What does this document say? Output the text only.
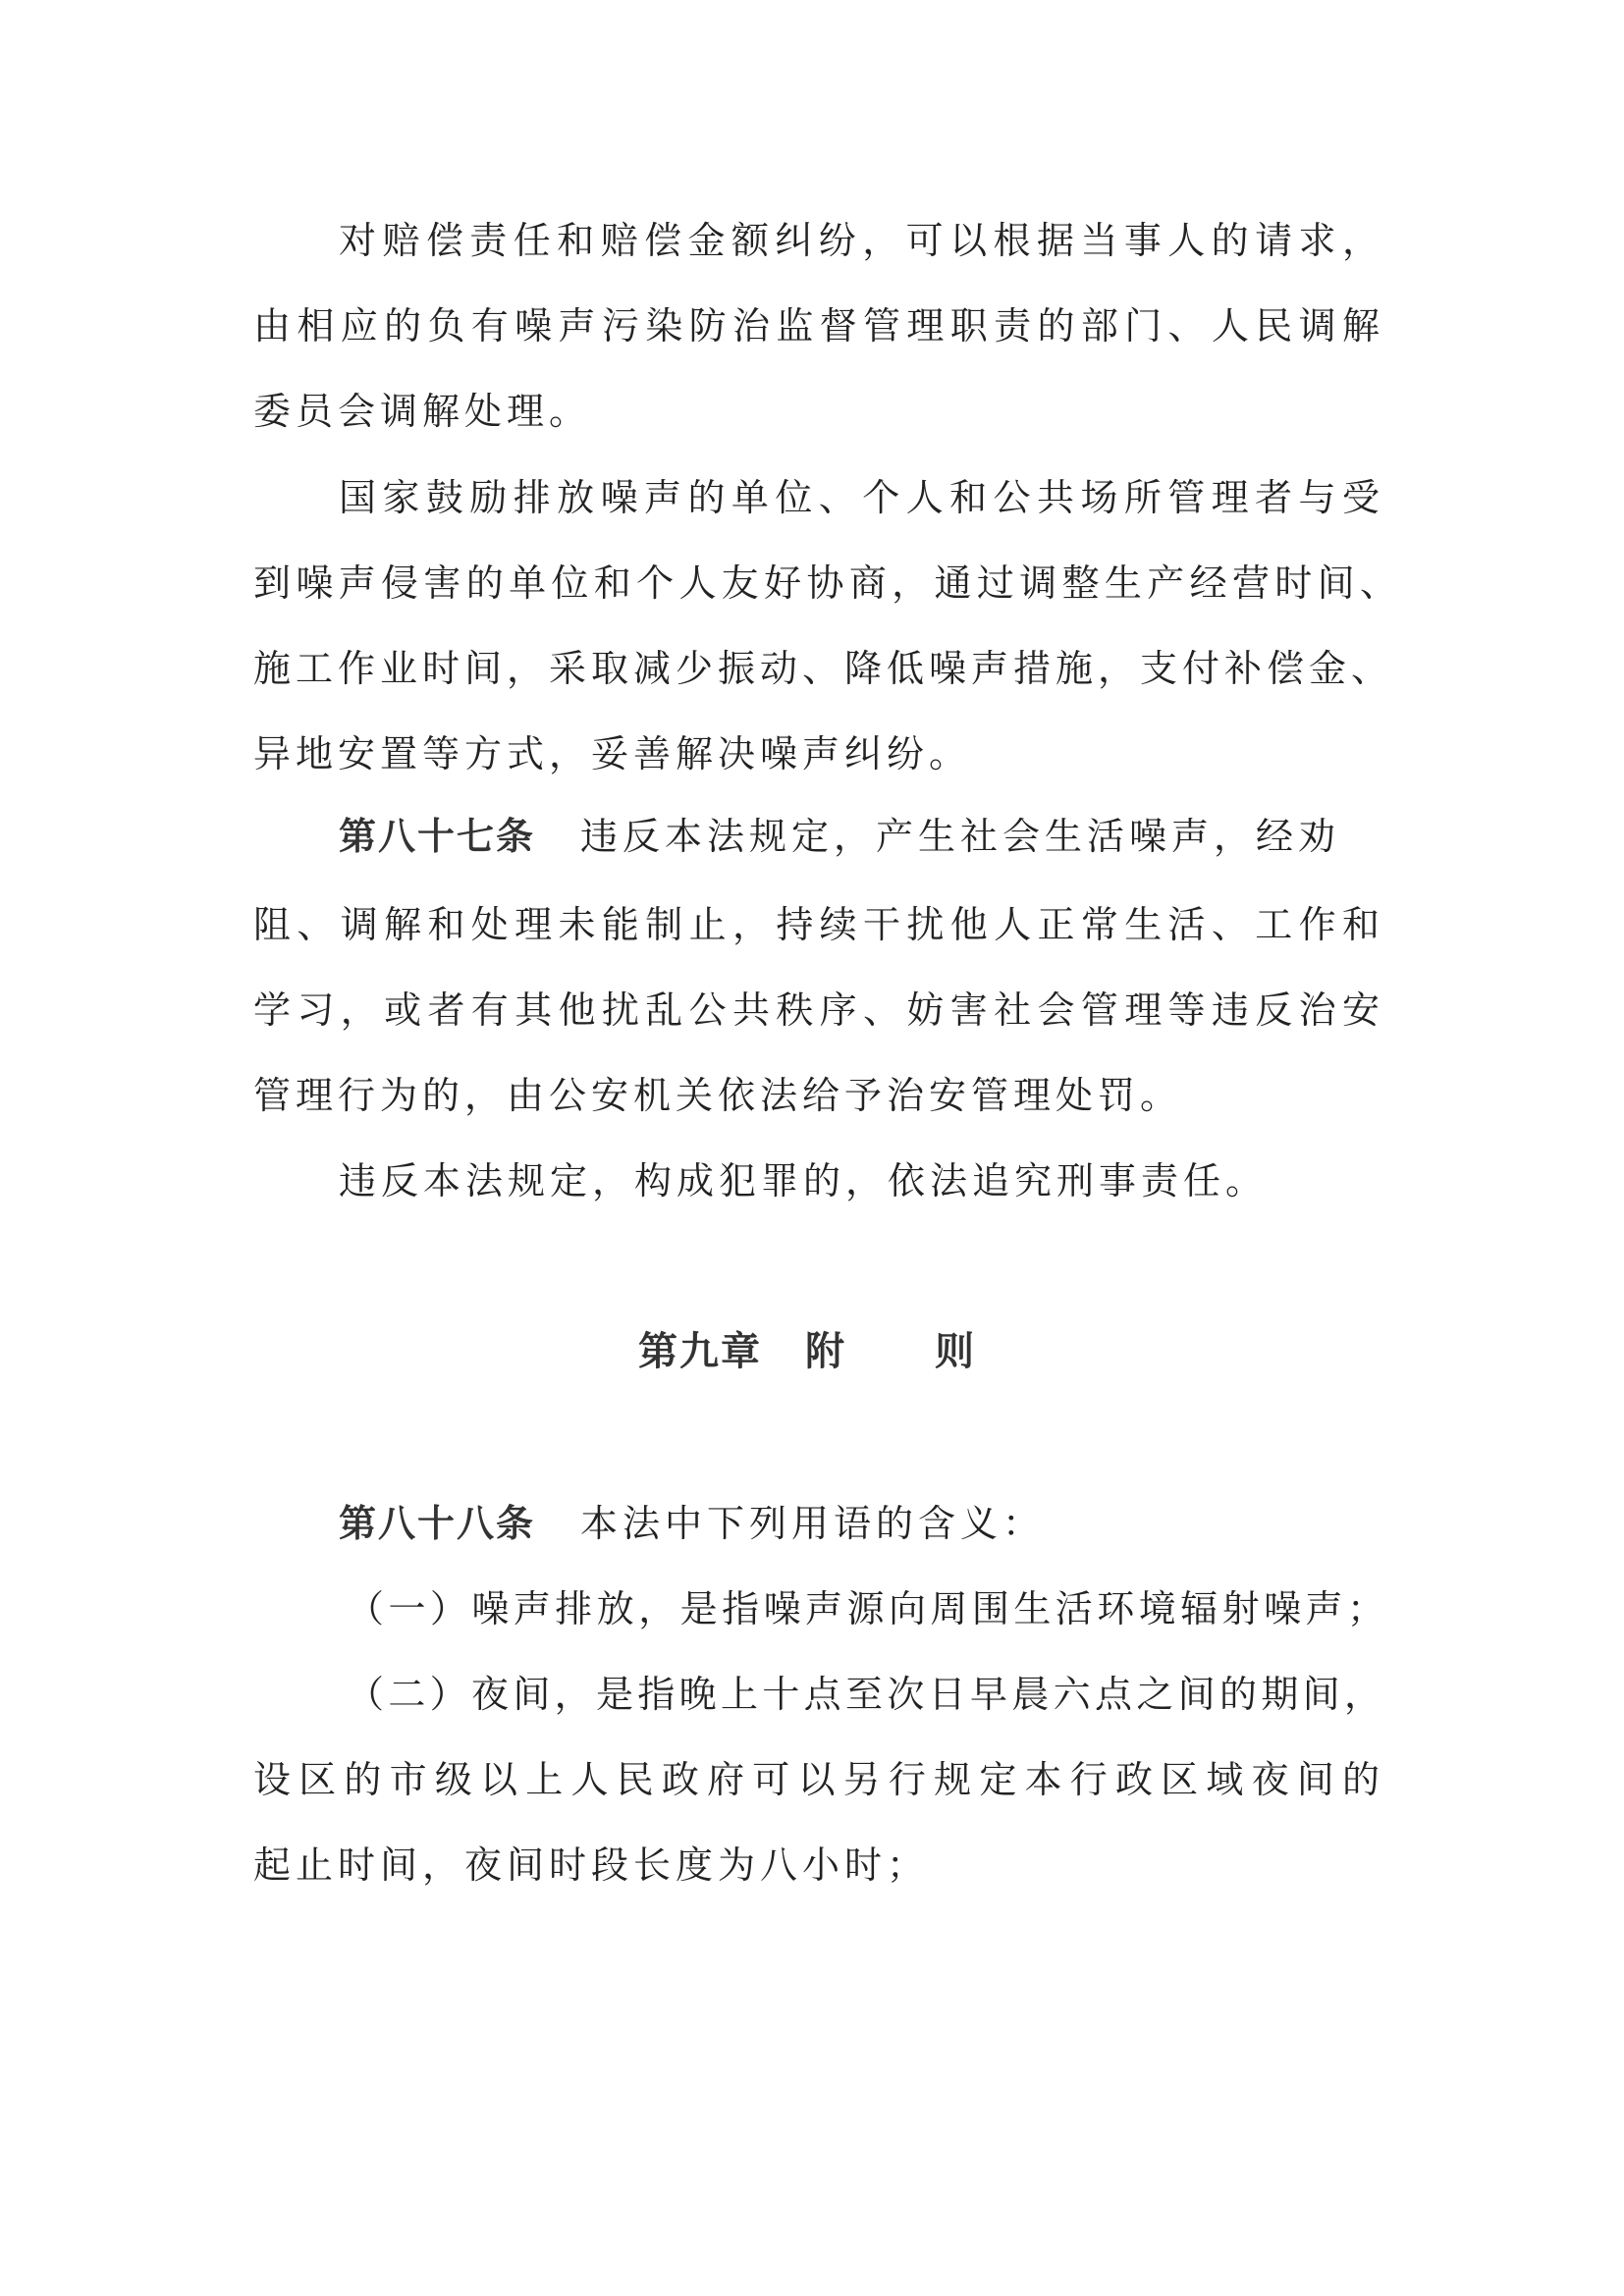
对赔偿责任和赔偿金额纠纷，可以根据当事人的请求，
由相应的负有噪声污染防治监督管理职责的部门、人民调解
委员会调解处理。
国家鼓励排放噪声的单位、个人和公共场所管理者与受
到噪声侵害的单位和个人友好协商，通过调整生产经营时间、
施工作业时间，采取减少振动、降低噪声措施，支付补偿金、
异地安置等方式，妥善解决噪声纠纷。
第八十七条 违反本法规定，产生社会生活噪声，经劝
阻、调解和处理未能制止，持续干扰他人正常生活、工作和
学习，或者有其他扰乱公共秩序、妨害社会管理等违反治安
管理行为的，由公安机关依法给予治安管理处罚。
违反本法规定，构成犯罪的，依法追究刑事责任。
第九章 附 则
第八十八条 本法中下列用语的含义：
（一）噪声排放，是指噪声源向周围生活环境辐射噪声；
（二）夜间，是指晚上十点至次日早晨六点之间的期间，
设区的市级以上人民政府可以另行规定本行政区域夜间的
起止时间，夜间时段长度为八小时；
